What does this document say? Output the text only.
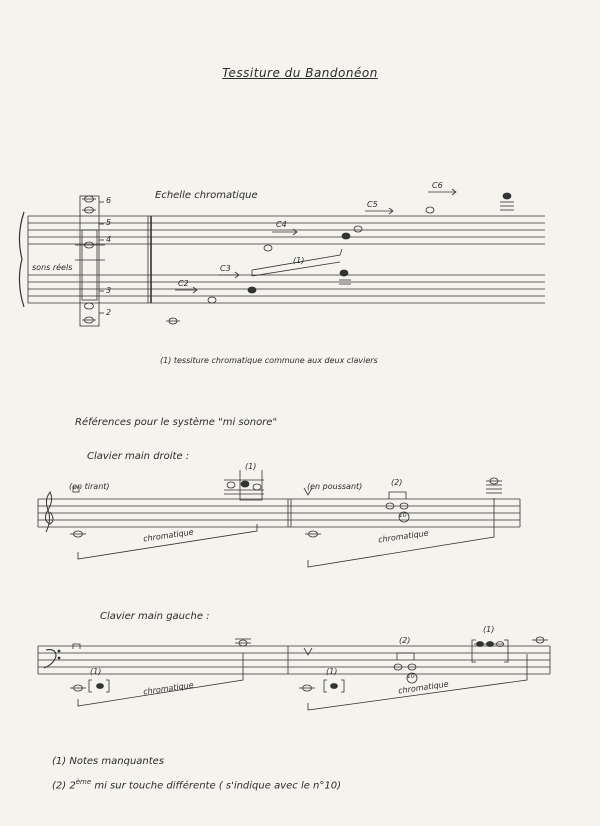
Tessiture du Bandonéon
Echelle chromatique
sons réels
6
5
4
3
2
C2
C3
C4
C5
C6
(1)
(1) tessiture chromatique commune aux deux claviers
Références pour le système "mi sonore"
Clavier main droite :
(en tirant)	(en poussant)
(1)
(2)
10
chromatique	chromatique
Clavier main gauche :
(1)	(1)
(2)
(1)
10
chromatique	chromatique
(1) Notes manquantes
(2) 2ème mi sur touche différente ( s'indique avec le n°10)
